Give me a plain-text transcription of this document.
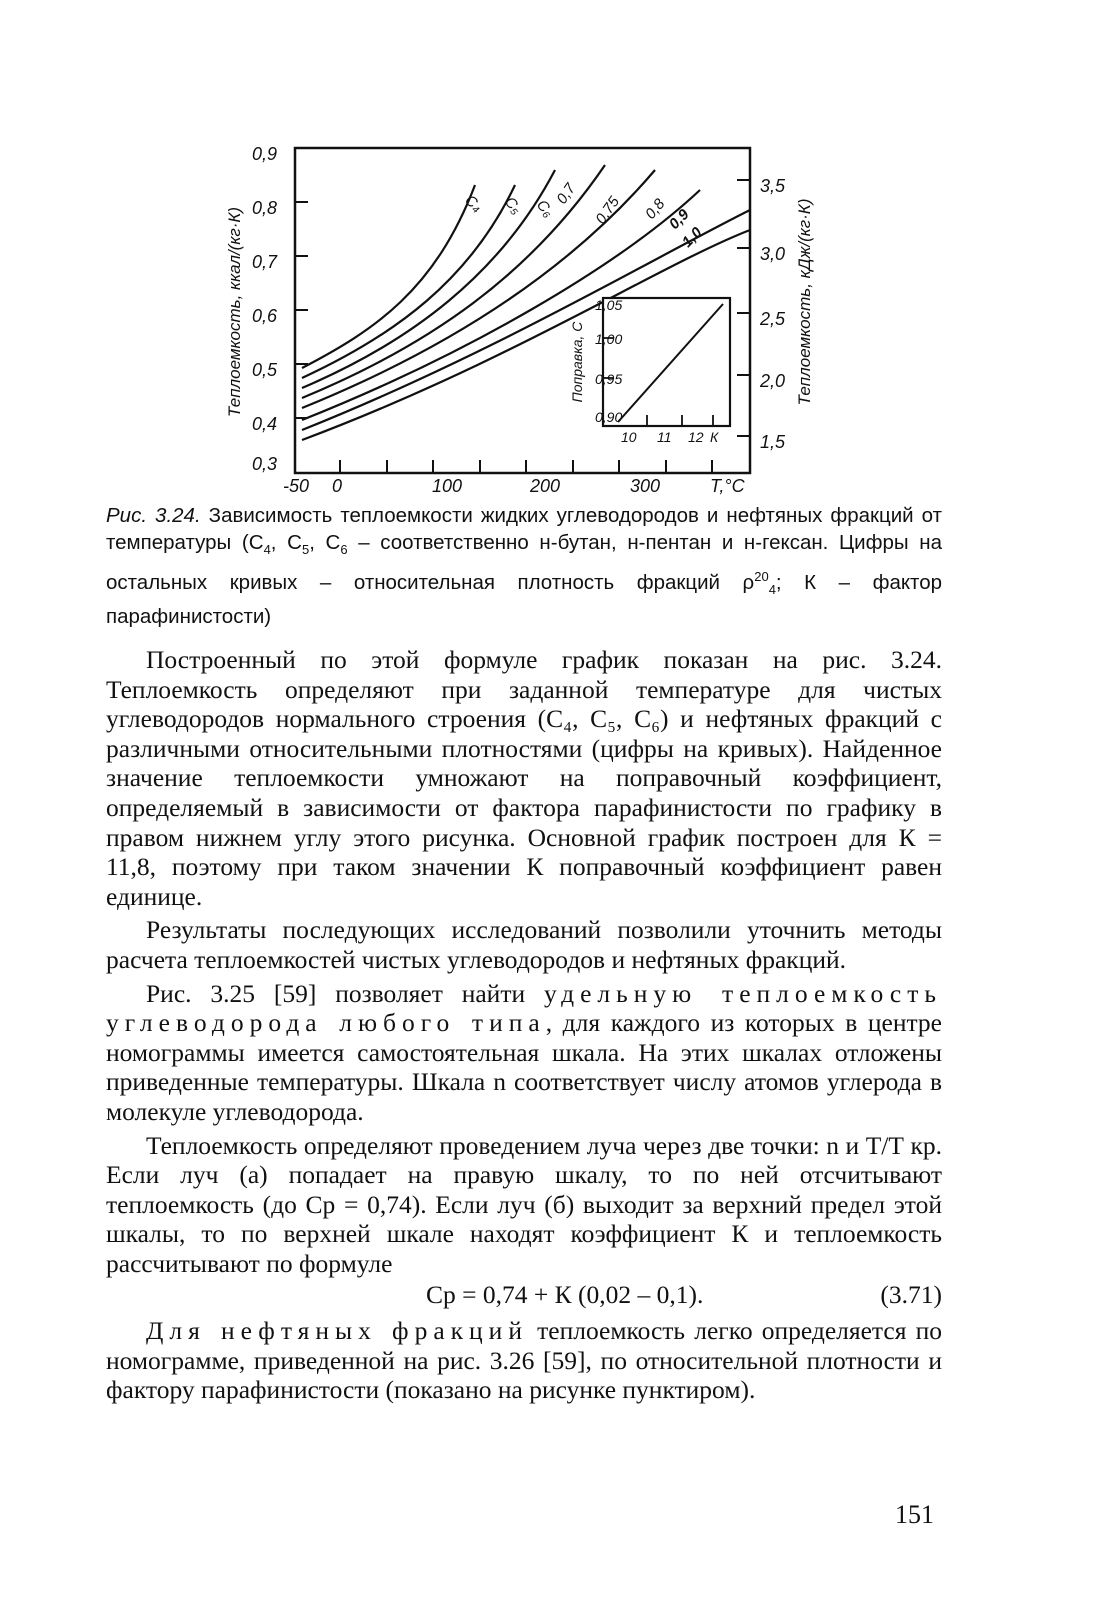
Теплоемкость, ккал/(кг·К)
0,9
0,8
0,7
0,6
0,5
0,4
0,3
3,5
3,0
2,5
2,0
1,5
Теплоемкость, кДж/(кг·К)
-50 0	100	200	300	Т,°С
C₄ C₅ C₆
0,7 0,75 0,8
0,9
1,0
Поправка, С
1,05
1,00
0,95
0,90
10 11 12 К
Рис. 3.24. Зависимость теплоемкости жидких углеводородов и нефтяных фракций от температуры ($C_4$, $C_5$, $C_6$ – соответственно н-бутан, н-пентан и н-гексан. Цифры на остальных кривых – относительная плотность фракций $\rho^{20}_4$; К – фактор парафинистости)

Построенный по этой формуле график показан на рис. 3.24. Теплоемкость определяют при заданной температуре для чистых углеводородов нормального строения (C₄, C₅, C₆) и нефтяных фракций с различными относительными плотностями (цифры на кривых). Найденное значение теплоемкости умножают на поправочный коэффициент, определяемый в зависимости от фактора парафинистости по графику в правом нижнем углу этого рисунка. Основной график построен для К = 11,8, поэтому при таком значении К поправочный коэффициент равен единице.

Результаты последующих исследований позволили уточнить методы расчета теплоемкостей чистых углеводородов и нефтяных фракций.

Рис. 3.25 [59] позволяет найти удельную теплоемкость углеводорода любого типа, для каждого из которых в центре номограммы имеется самостоятельная шкала. На этих шкалах отложены приведенные температуры. Шкала n соответствует числу атомов углерода в молекуле углеводорода.

Теплоемкость определяют проведением луча через две точки: n и Т/Т кр. Если луч (а) попадает на правую шкалу, то по ней отсчитывают теплоемкость (до Cp = 0,74). Если луч (б) выходит за верхний предел этой шкалы, то по верхней шкале находят коэффициент К и теплоемкость рассчитывают по формуле

Cp = 0,74 + К (0,02 – 0,1).	(3.71)

Для нефтяных фракций теплоемкость легко определяется по номограмме, приведенной на рис. 3.26 [59], по относительной плотности и фактору парафинистости (показано на рисунке пунктиром).

151
